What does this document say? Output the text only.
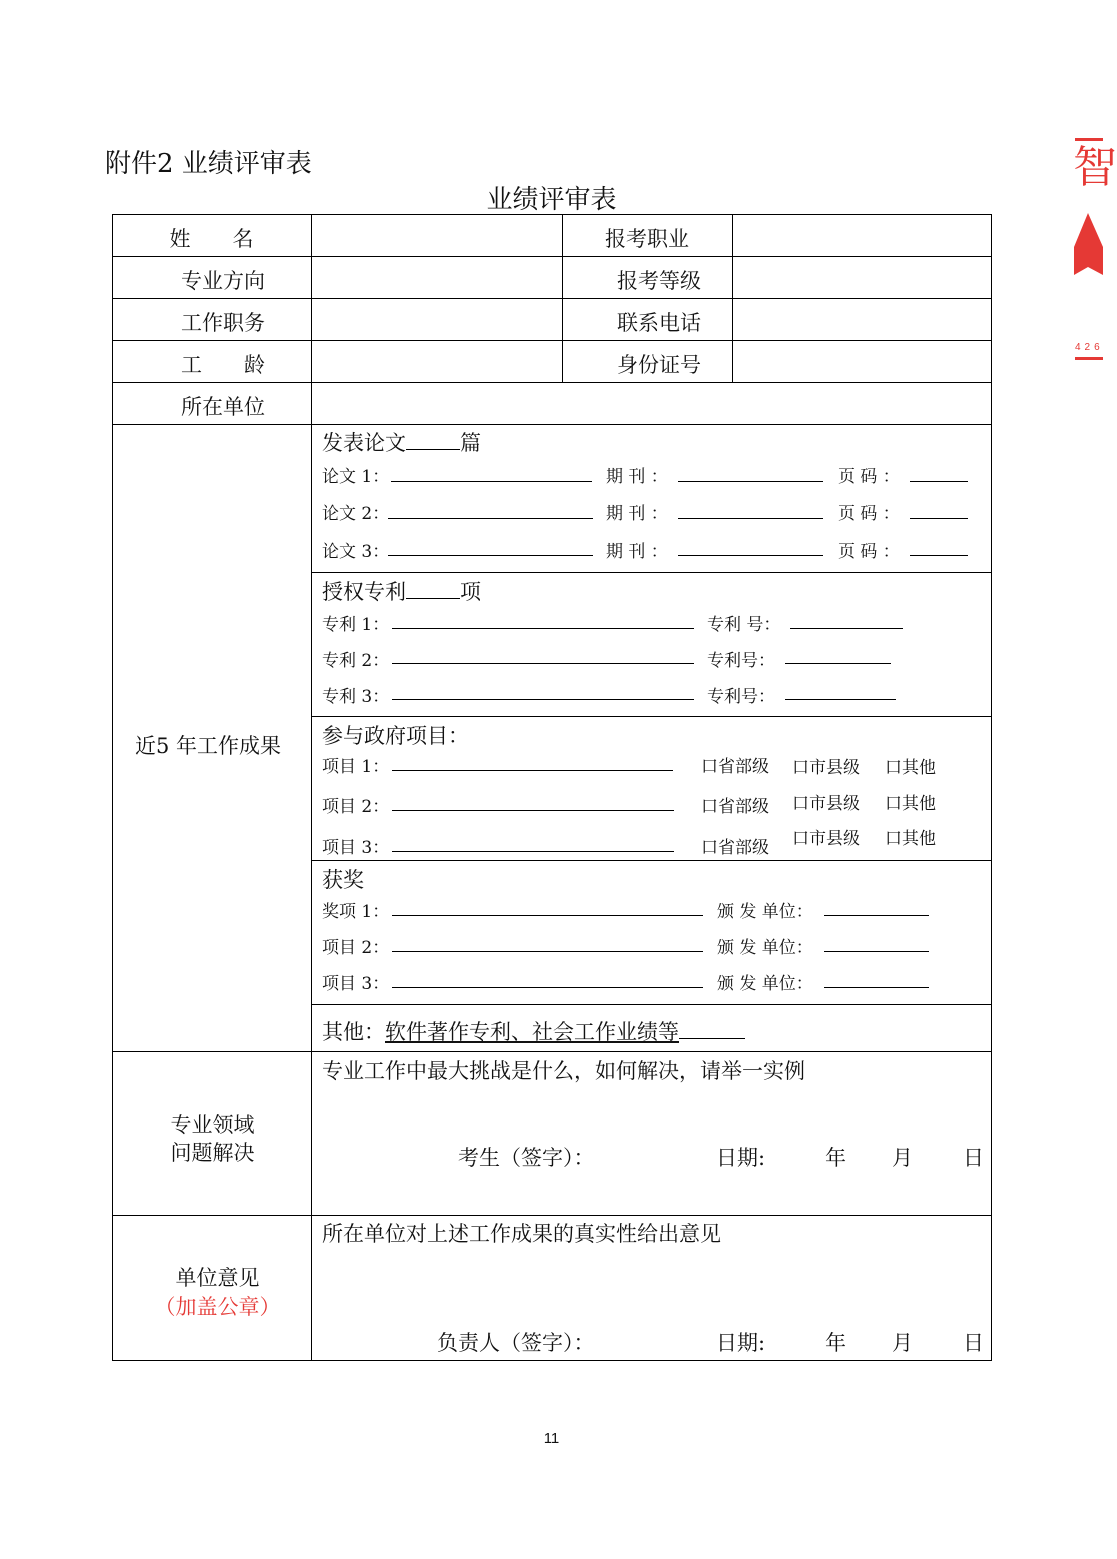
附件2 业绩评审表
业绩评审表
姓　　名	报考职业
专业方向	报考等级
工作职务	联系电话
工　　龄	身份证号
所在单位
近5 年工作成果
发表论文	篇
论文 1：	期 刊 ：	页 码 ：
论文 2：	期 刊 ：	页 码 ：
论文 3：	期 刊 ：	页 码 ：
授权专利	项
专利 1：	专利 号：
专利 2：	专利号：
专利 3：	专利号：
参与政府项目：
项目 1：	口省部级 口市县级 口其他
项目 2：	口省部级 口市县级 口其他
项目 3：	口省部级 口市县级 口其他
获奖
奖项 1：	颁 发 单位：
项目 2：	颁 发 单位：
项目 3：	颁 发 单位：
其他：软件著作专利、社会工作业绩等
专业领域
问题解决
专业工作中最大挑战是什么，如何解决，请举一实例
考生（签字）：	日期:	年 月 日
单位意见
（加盖公章）
所在单位对上述工作成果的真实性给出意见
负责人（签字）：	日期:	年 月 日
11
智
426
